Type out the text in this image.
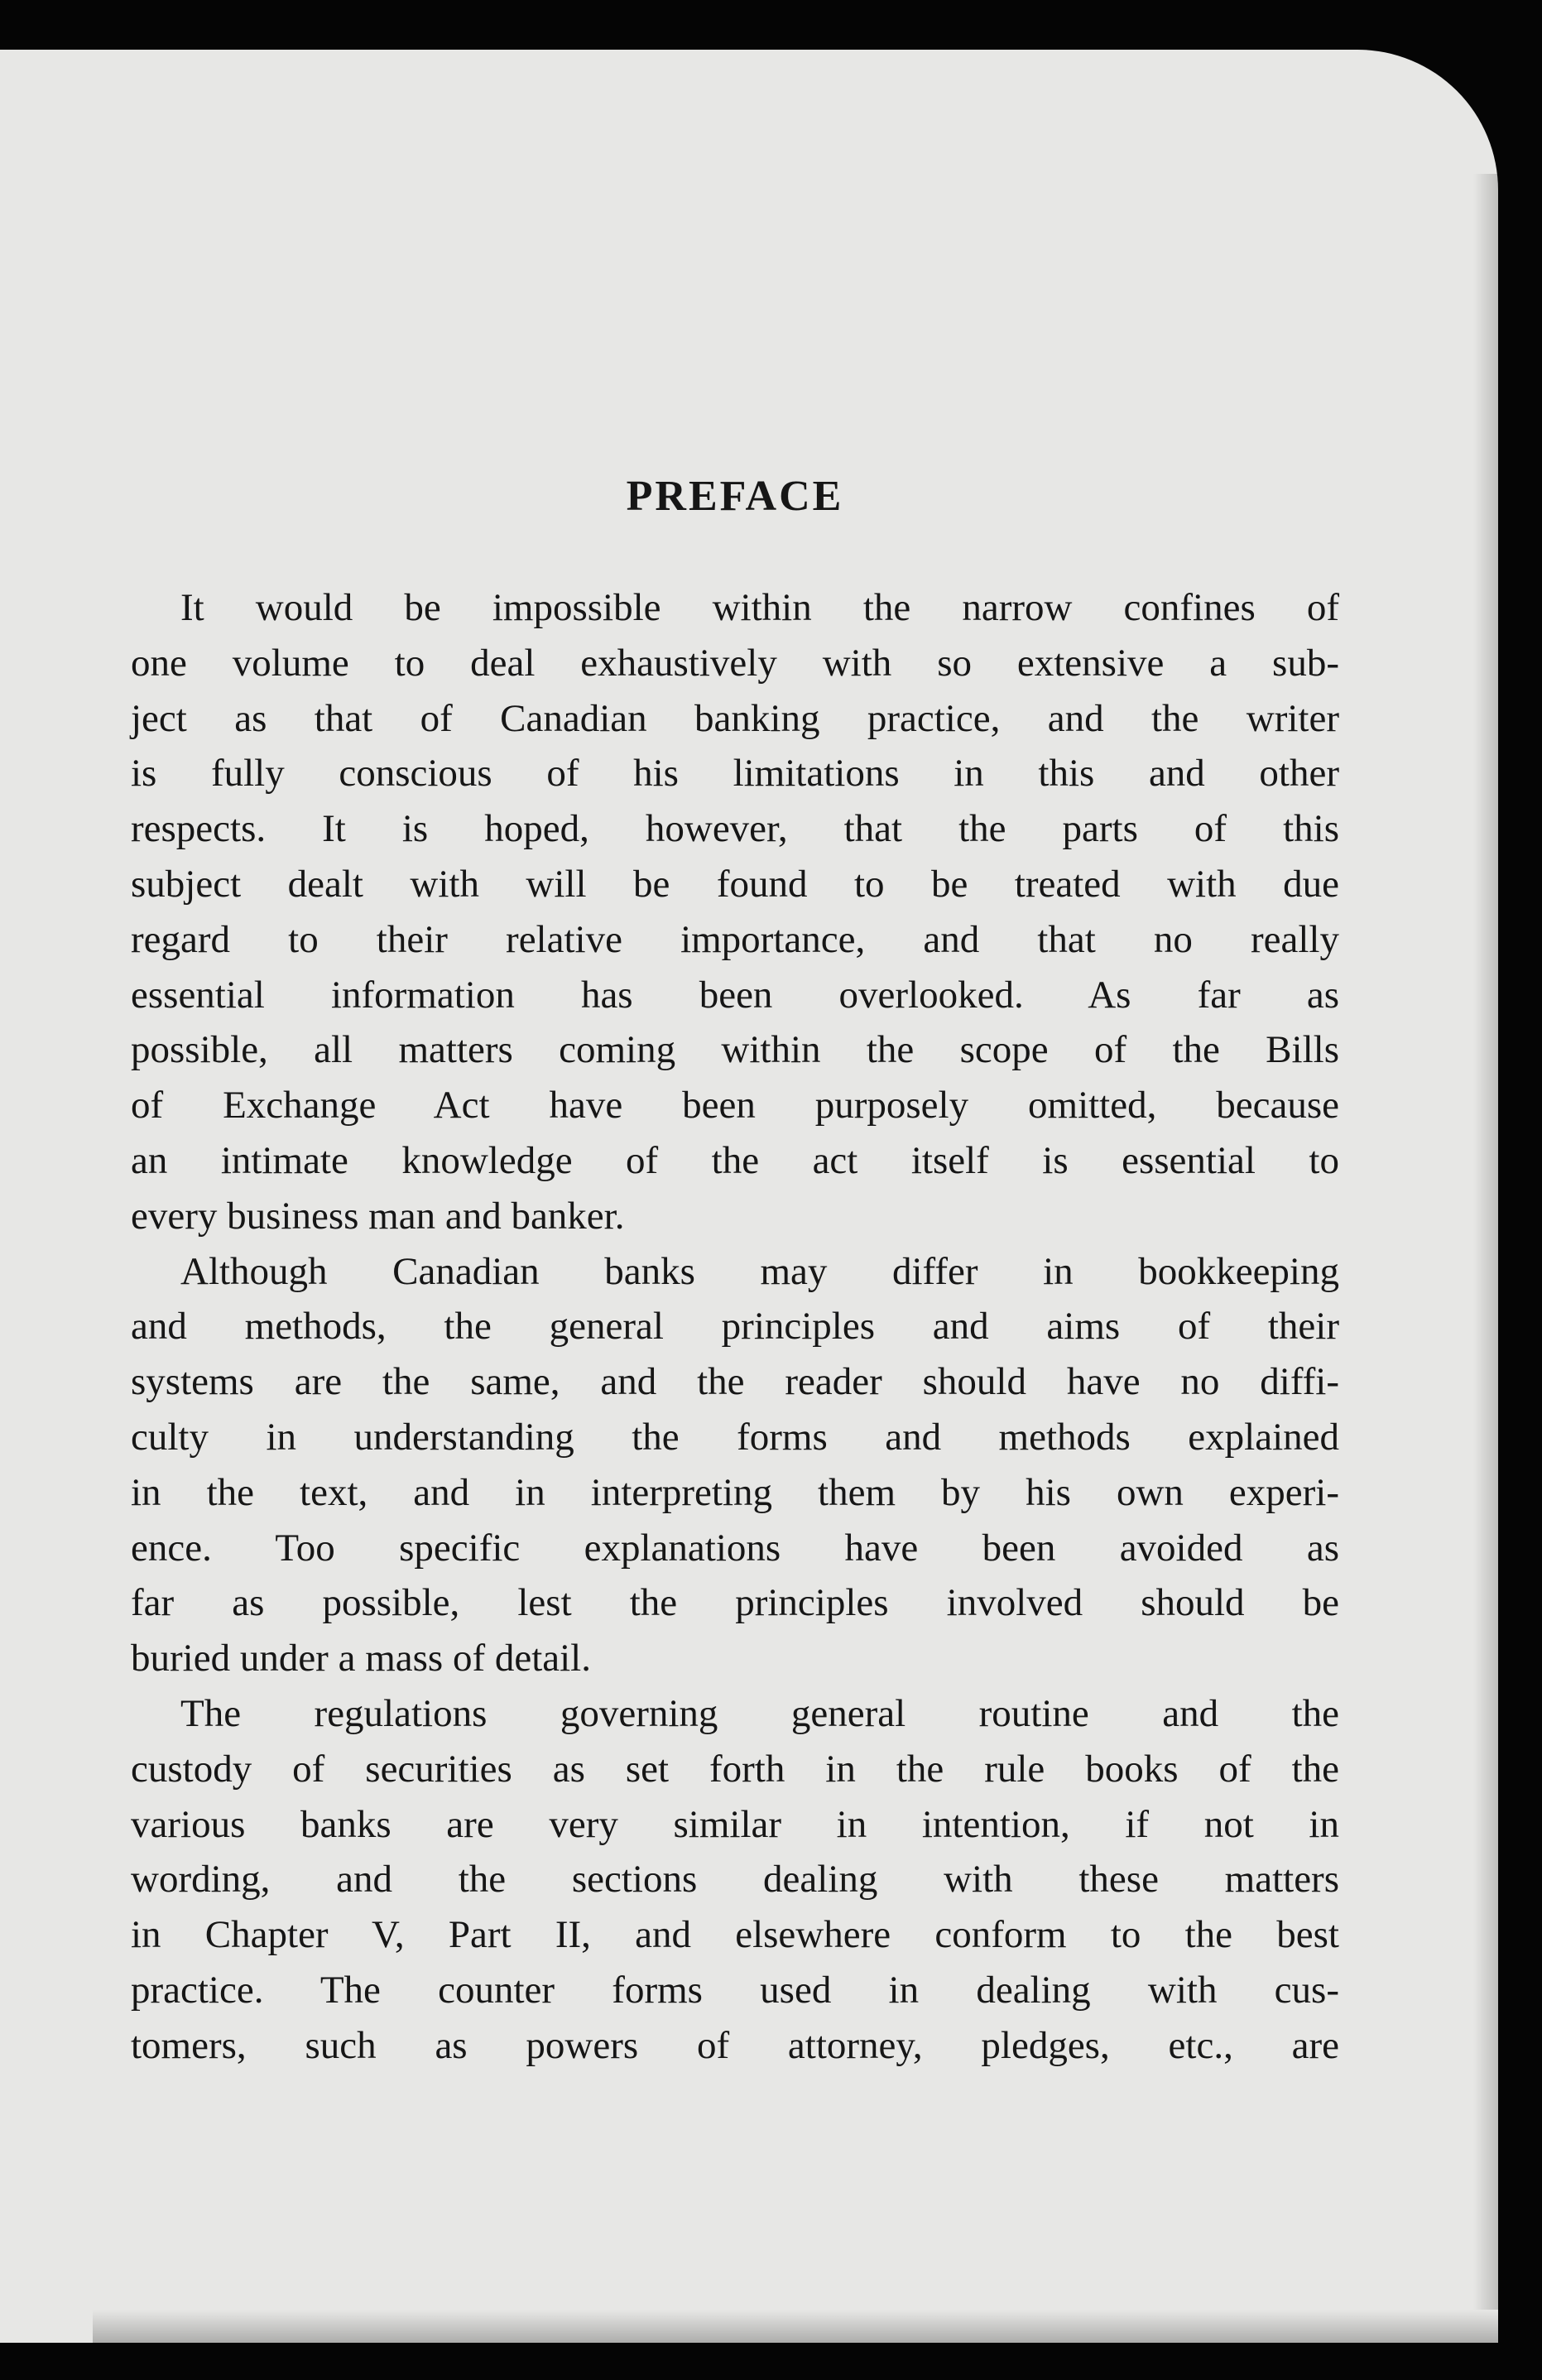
PREFACE
It would be impossible within the narrow confines of
one volume to deal exhaustively with so extensive a sub-
ject as that of Canadian banking practice, and the writer
is fully conscious of his limitations in this and other
respects. It is hoped, however, that the parts of this
subject dealt with will be found to be treated with due
regard to their relative importance, and that no really
essential information has been overlooked. As far as
possible, all matters coming within the scope of the Bills
of Exchange Act have been purposely omitted, because
an intimate knowledge of the act itself is essential to
every business man and banker.
Although Canadian banks may differ in bookkeeping
and methods, the general principles and aims of their
systems are the same, and the reader should have no diffi-
culty in understanding the forms and methods explained
in the text, and in interpreting them by his own experi-
ence. Too specific explanations have been avoided as
far as possible, lest the principles involved should be
buried under a mass of detail.
The regulations governing general routine and the
custody of securities as set forth in the rule books of the
various banks are very similar in intention, if not in
wording, and the sections dealing with these matters
in Chapter V, Part II, and elsewhere conform to the best
practice. The counter forms used in dealing with cus-
tomers, such as powers of attorney, pledges, etc., are
